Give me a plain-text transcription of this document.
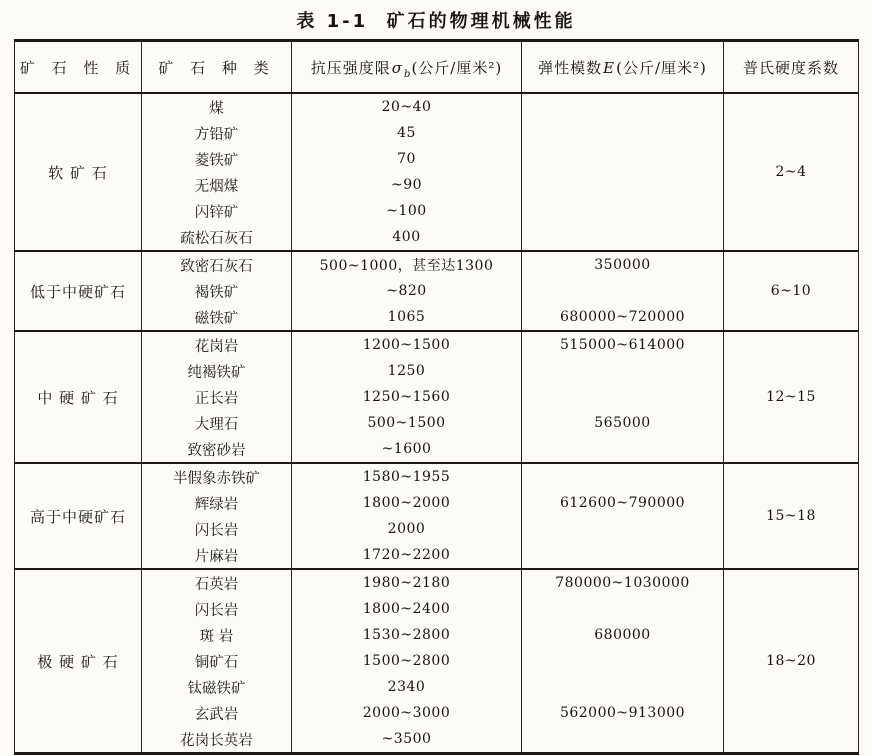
表 1-1  矿石的物理机械性能
矿 石 性 质	矿 石 种 类	抗压强度限$\sigma_b$(公斤/厘米²)	弹性模数E(公斤/厘米²)	普氏硬度系数
软 矿 石	煤	20~40		2~4
	方铅矿	45		
	菱铁矿	70		
	无烟煤	~90		
	闪锌矿	~100		
	疏松石灰石	400		
低于中硬矿石	致密石灰石	500~1000，甚至达1300	350000	6~10
	褐铁矿	~820		
	磁铁矿	1065	680000~720000	
中 硬 矿 石	花岗岩	1200~1500	515000~614000	12~15
	纯褐铁矿	1250		
	正长岩	1250~1560		
	大理石	500~1500	565000	
	致密砂岩	~1600		
高于中硬矿石	半假象赤铁矿	1580~1955		15~18
	辉绿岩	1800~2000	612600~790000	
	闪长岩	2000		
	片麻岩	1720~2200		
极 硬 矿 石	石英岩	1980~2180	780000~1030000	18~20
	闪长岩	1800~2400		
	斑 岩	1530~2800	680000	
	铜矿石	1500~2800		
	钛磁铁矿	2340		
	玄武岩	2000~3000	562000~913000	
	花岗长英岩	~3500		
